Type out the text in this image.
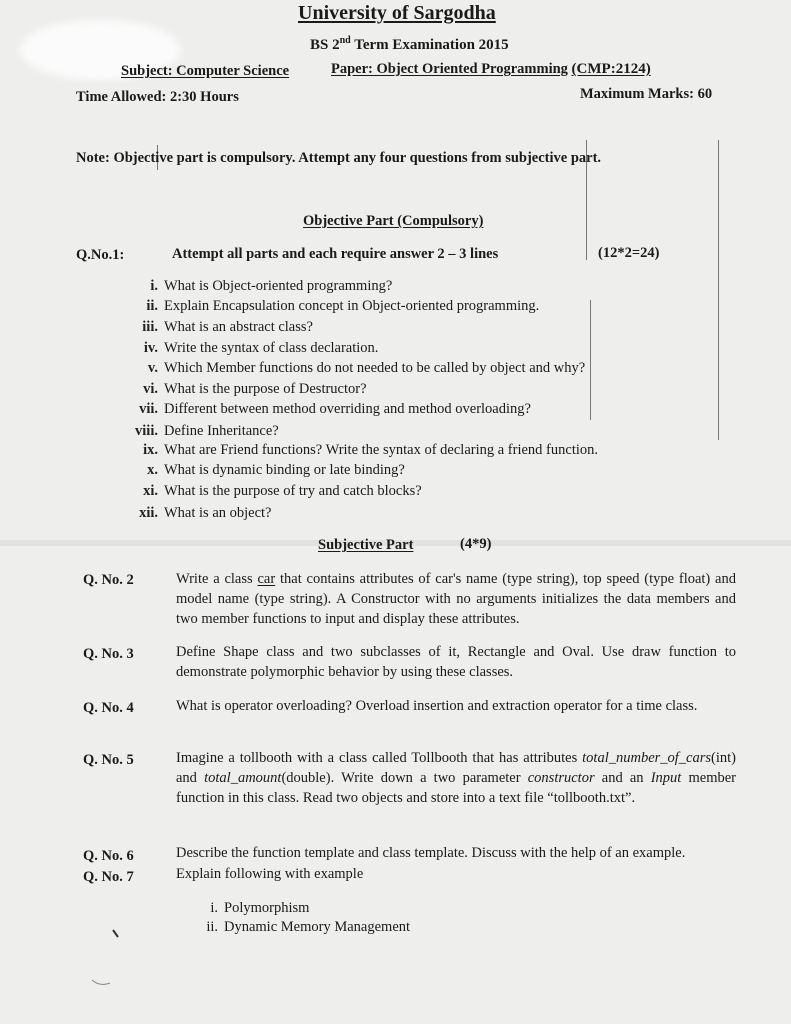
University of Sargodha
BS 2nd Term Examination 2015
Subject: Computer Science	Paper: Object Oriented Programming (CMP:2124)
Time Allowed: 2:30 Hours	Maximum Marks: 60
Note: Objective part is compulsory. Attempt any four questions from subjective part.
Objective Part (Compulsory)
Q.No.1:	Attempt all parts and each require answer 2 – 3 lines	(12*2=24)
i. What is Object-oriented programming?
ii. Explain Encapsulation concept in Object-oriented programming.
iii. What is an abstract class?
iv. Write the syntax of class declaration.
v. Which Member functions do not needed to be called by object and why?
vi. What is the purpose of Destructor?
vii. Different between method overriding and method overloading?
viii. Define Inheritance?
ix. What are Friend functions? Write the syntax of declaring a friend function.
x. What is dynamic binding or late binding?
xi. What is the purpose of try and catch blocks?
xii. What is an object?
Subjective Part	(4*9)
Q. No. 2	Write a class car that contains attributes of car's name (type string), top speed (type float) and model name (type string). A Constructor with no arguments initializes the data members and two member functions to input and display these attributes.
Q. No. 3	Define Shape class and two subclasses of it, Rectangle and Oval. Use draw function to demonstrate polymorphic behavior by using these classes.
Q. No. 4	What is operator overloading? Overload insertion and extraction operator for a time class.
Q. No. 5	Imagine a tollbooth with a class called Tollbooth that has attributes total_number_of_cars(int) and total_amount(double). Write down a two parameter constructor and an Input member function in this class. Read two objects and store into a text file “tollbooth.txt”.
Q. No. 6	Describe the function template and class template. Discuss with the help of an example.
Q. No. 7	Explain following with example
i. Polymorphism
ii. Dynamic Memory Management
